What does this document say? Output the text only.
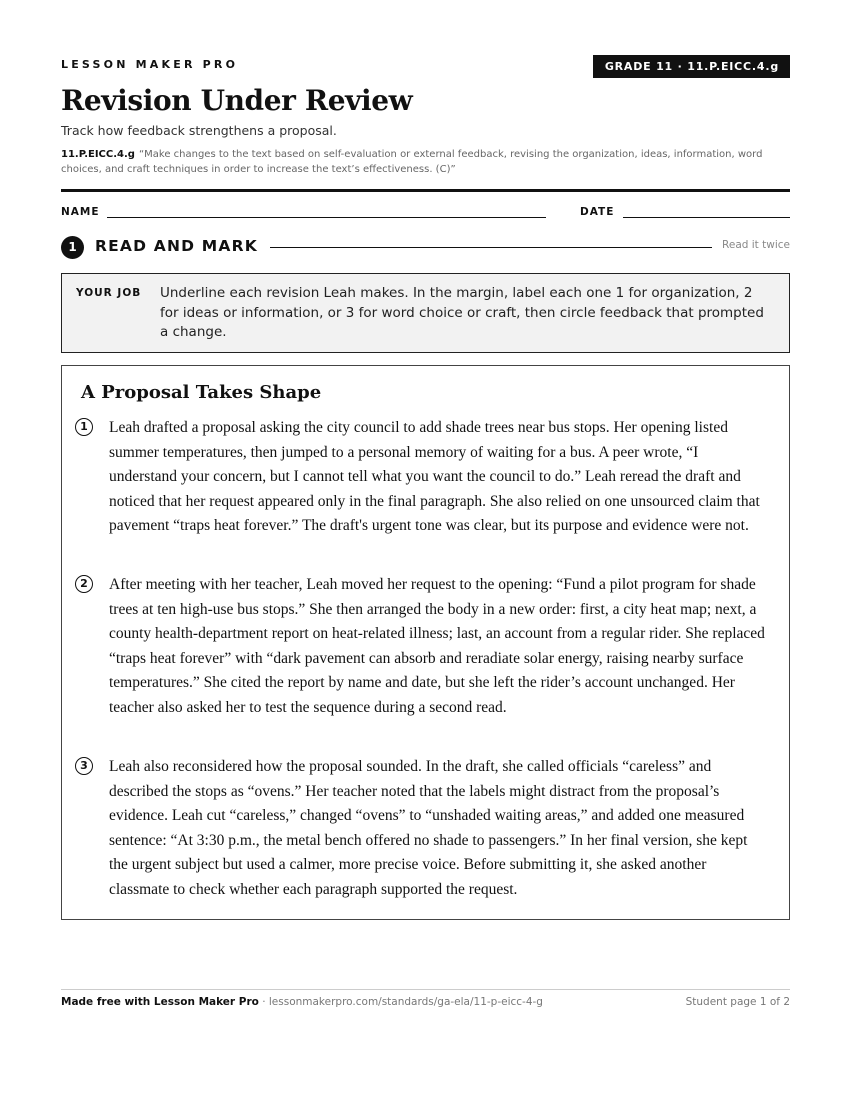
LESSON MAKER PRO	GRADE 11 · 11.P.EICC.4.g
Revision Under Review
Track how feedback strengthens a proposal.
11.P.EICC.4.g “Make changes to the text based on self-evaluation or external feedback, revising the organization, ideas, information, word choices, and craft techniques in order to increase the text’s effectiveness. (C)”
NAME	DATE
1	READ AND MARK	Read it twice
YOUR JOB Underline each revision Leah makes. In the margin, label each one 1 for organization, 2 for ideas or information, or 3 for word choice or craft, then circle feedback that prompted a change.
A Proposal Takes Shape
1	Leah drafted a proposal asking the city council to add shade trees near bus stops. Her opening listed summer temperatures, then jumped to a personal memory of waiting for a bus. A peer wrote, “I understand your concern, but I cannot tell what you want the council to do.” Leah reread the draft and noticed that her request appeared only in the final paragraph. She also relied on one unsourced claim that pavement “traps heat forever.” The draft's urgent tone was clear, but its purpose and evidence were not.

2	After meeting with her teacher, Leah moved her request to the opening: “Fund a pilot program for shade trees at ten high-use bus stops.” She then arranged the body in a new order: first, a city heat map; next, a county health-department report on heat-related illness; last, an account from a regular rider. She replaced “traps heat forever” with “dark pavement can absorb and reradiate solar energy, raising nearby surface temperatures.” She cited the report by name and date, but she left the rider’s account unchanged. Her teacher also asked her to test the sequence during a second read.

3	Leah also reconsidered how the proposal sounded. In the draft, she called officials “careless” and described the stops as “ovens.” Her teacher noted that the labels might distract from the proposal’s evidence. Leah cut “careless,” changed “ovens” to “unshaded waiting areas,” and added one measured sentence: “At 3:30 p.m., the metal bench offered no shade to passengers.” In her final version, she kept the urgent subject but used a calmer, more precise voice. Before submitting it, she asked another classmate to check whether each paragraph supported the request.

Made free with Lesson Maker Pro · lessonmakerpro.com/standards/ga-ela/11-p-eicc-4-g	Student page 1 of 2
